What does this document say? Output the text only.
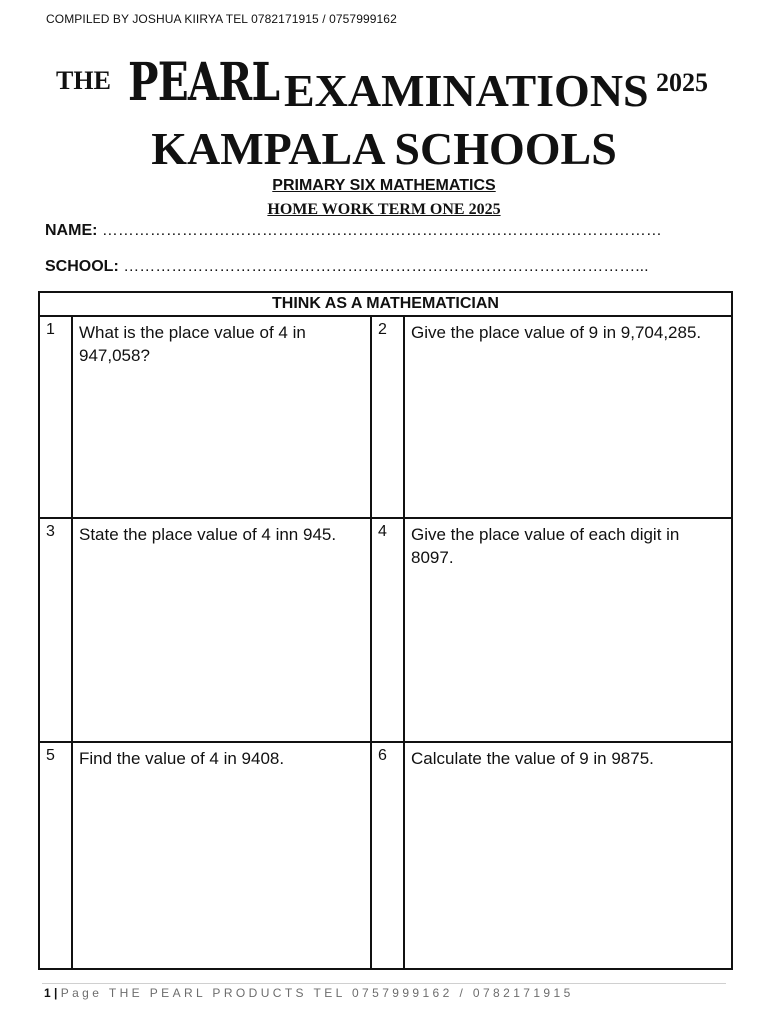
COMPILED BY JOSHUA KIIRYA TEL 0782171915 / 0757999162
THE PEARL EXAMINATIONS 2025
KAMPALA SCHOOLS
PRIMARY SIX MATHEMATICS
HOME WORK TERM ONE 2025
NAME: ……………………………………………………………………………………………
SCHOOL: ……………………………………………………………………………………...
THINK AS A MATHEMATICIAN			
1	What is the place value of 4 in 947,058?	2	Give the place value of 9 in 9,704,285.
3	State the place value of 4 inn 945.	4	Give the place value of each digit in 8097.
5	Find the value of 4 in 9408.	6	Calculate the value of 9 in 9875.
1 | Page THE PEARL PRODUCTS TEL 0757999162 / 0782171915
